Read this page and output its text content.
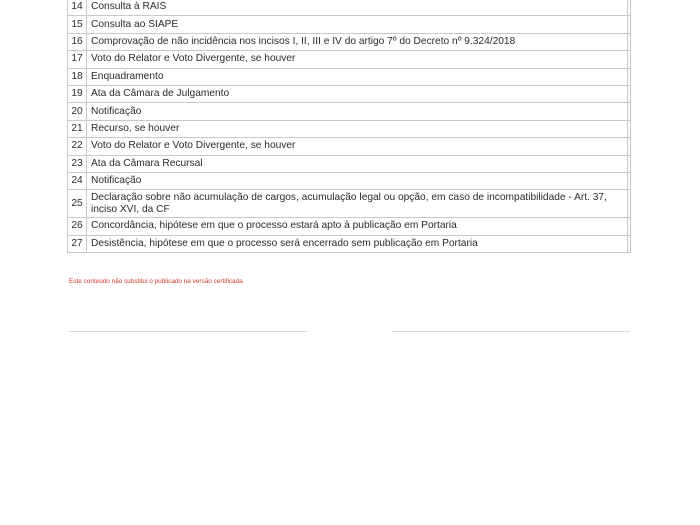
14	Consulta à RAIS	
15	Consulta ao SIAPE	
16	Comprovação de não incidência nos incisos I, II, III e IV do artigo 7º do Decreto nº 9.324/2018	
17	Voto do Relator e Voto Divergente, se houver	
18	Enquadramento	
19	Ata da Câmara de Julgamento	
20	Notificação	
21	Recurso, se houver	
22	Voto do Relator e Voto Divergente, se houver	
23	Ata da Câmara Recursal	
24	Notificação	
25	Declaração sobre não acumulação de cargos, acumulação legal ou opção, em caso de incompatibilidade - Art. 37, inciso XVI, da CF	
26	Concordância, hipótese em que o processo estará apto à publicação em Portaria	
27	Desistência, hipótese em que o processo será encerrado sem publicação em Portaria	
Este conteúdo não substitui o publicado na versão certificada.
